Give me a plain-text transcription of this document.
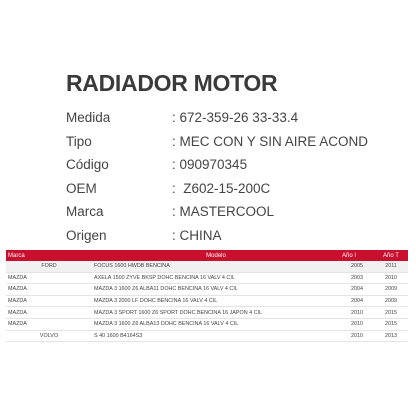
RADIADOR MOTOR
Medida	: 672-359-26 33-33.4
Tipo	: MEC CON Y SIN AIRE ACOND
Código	: 090970345
OEM	:  Z602-15-200C
Marca	: MASTERCOOL
Origen	: CHINA
Marca	Modelo	Año I	Año T
FORD	FOCUS 1600 HWDB BENCINA	2005	2011
MAZDA	AXELA 1500 ZYVE BKSP DOHC BENCINA 16 VALV 4 CIL	2003	2010
MAZDA	MAZDA 3 1600 Z6 ALBA11 DOHC BENCINA 16 VALV 4 CIL	2004	2009
MAZDA	MAZDA 3 2000 LF DOHC BENCINA 16 VALV 4 CIL	2004	2009
MAZDA	MAZDA 3 SPORT 1600 Z6 SPORT DOHC BENCINA 16 JAPON 4 CIL	2010	2015
MAZDA	MAZDA 3 1600 Z6 ALBA13 DOHC BENCINA 16 VALV 4 CIL	2010	2015
VOLVO	S 40 1600 B4164S3	2010	2013
